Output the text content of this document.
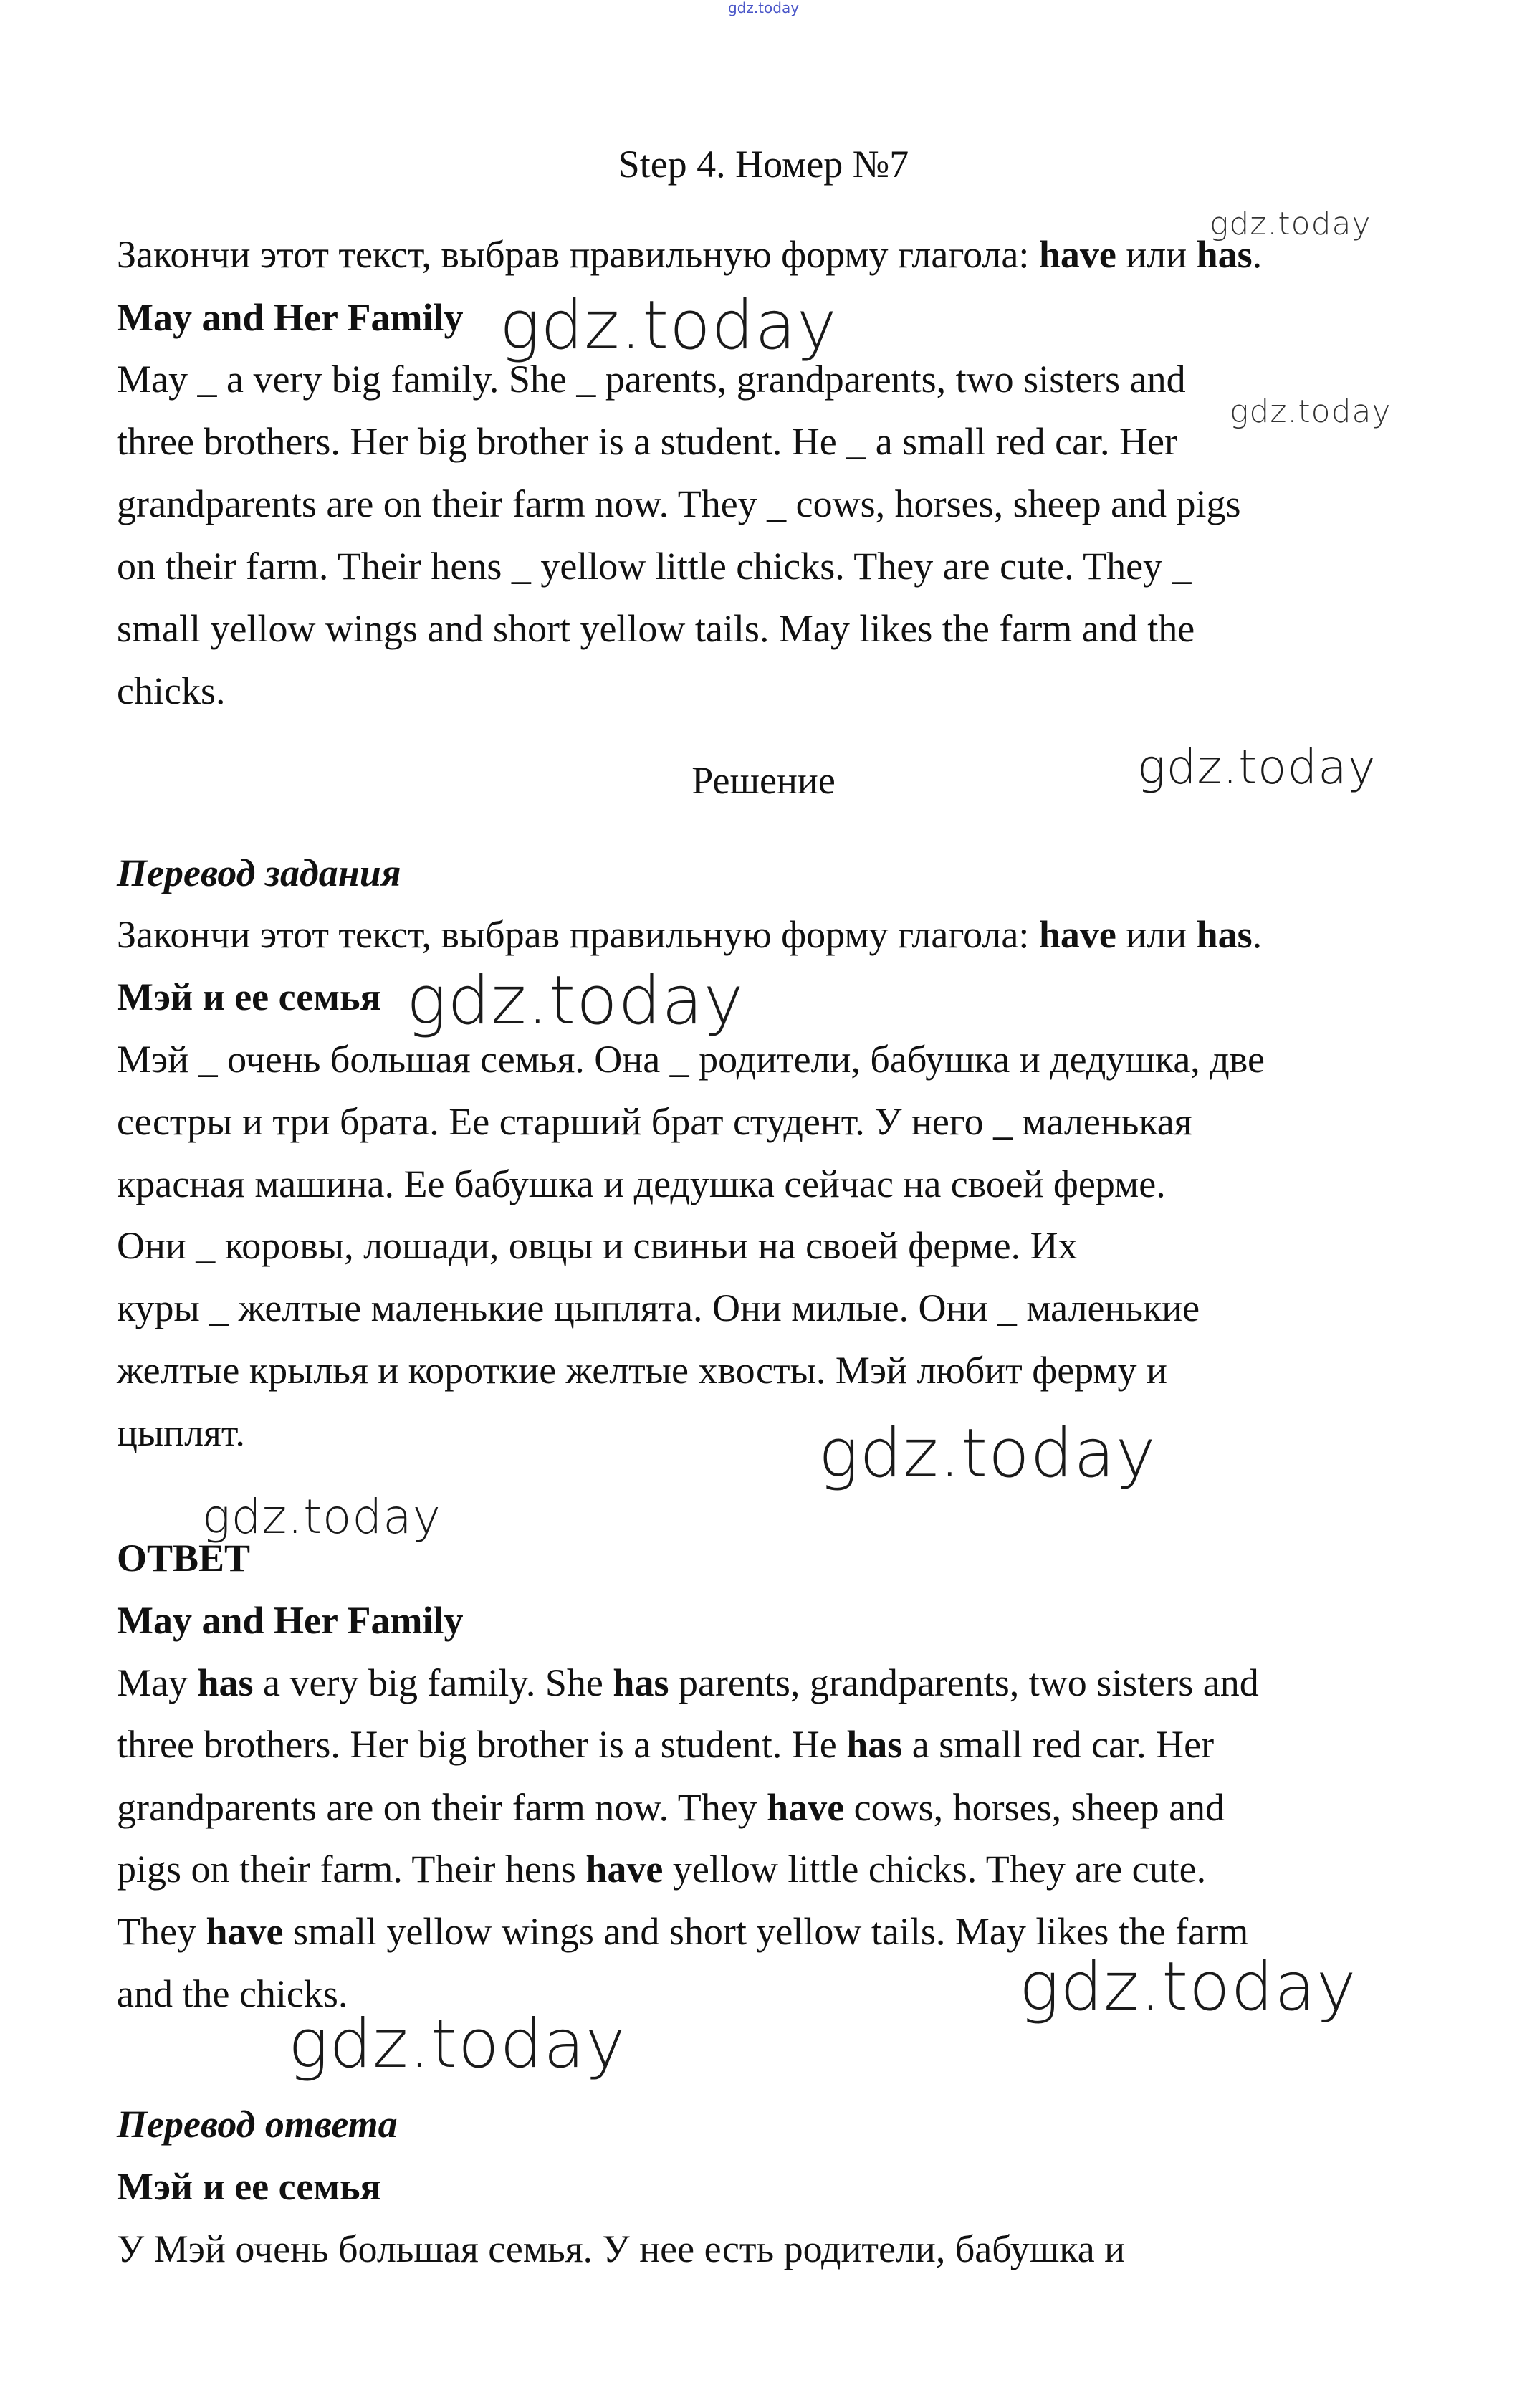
gdz.today
Step 4. Номер №7
Закончи этот текст, выбрав правильную форму глагола: have или has.
May and Her Family
May _ a very big family. She _ parents, grandparents, two sisters and
three brothers. Her big brother is a student. He _ a small red car. Her
grandparents are on their farm now. They _ cows, horses, sheep and pigs
on their farm. Their hens _ yellow little chicks. They are cute. They _
small yellow wings and short yellow tails. May likes the farm and the
chicks.
Решение
Перевод задания
Закончи этот текст, выбрав правильную форму глагола: have или has.
Мэй и ее семья
Мэй _ очень большая семья. Она _ родители, бабушка и дедушка, две
сестры и три брата. Ее старший брат студент. У него _ маленькая
красная машина. Ее бабушка и дедушка сейчас на своей ферме.
Они _ коровы, лошади, овцы и свиньи на своей ферме. Их
куры _ желтые маленькие цыплята. Они милые. Они _ маленькие
желтые крылья и короткие желтые хвосты. Мэй любит ферму и
цыплят.
ОТВЕТ
May and Her Family
May has a very big family. She has parents, grandparents, two sisters and
three brothers. Her big brother is a student. He has a small red car. Her
grandparents are on their farm now. They have cows, horses, sheep and
pigs on their farm. Their hens have yellow little chicks. They are cute.
They have small yellow wings and short yellow tails. May likes the farm
and the chicks.
Перевод ответа
Мэй и ее семья
У Мэй очень большая семья. У нее есть родители, бабушка и
gdz.today
gdz.today
gdz.today
gdz.today
gdz.today
gdz.today
gdz.today
gdz.today
gdz.today
